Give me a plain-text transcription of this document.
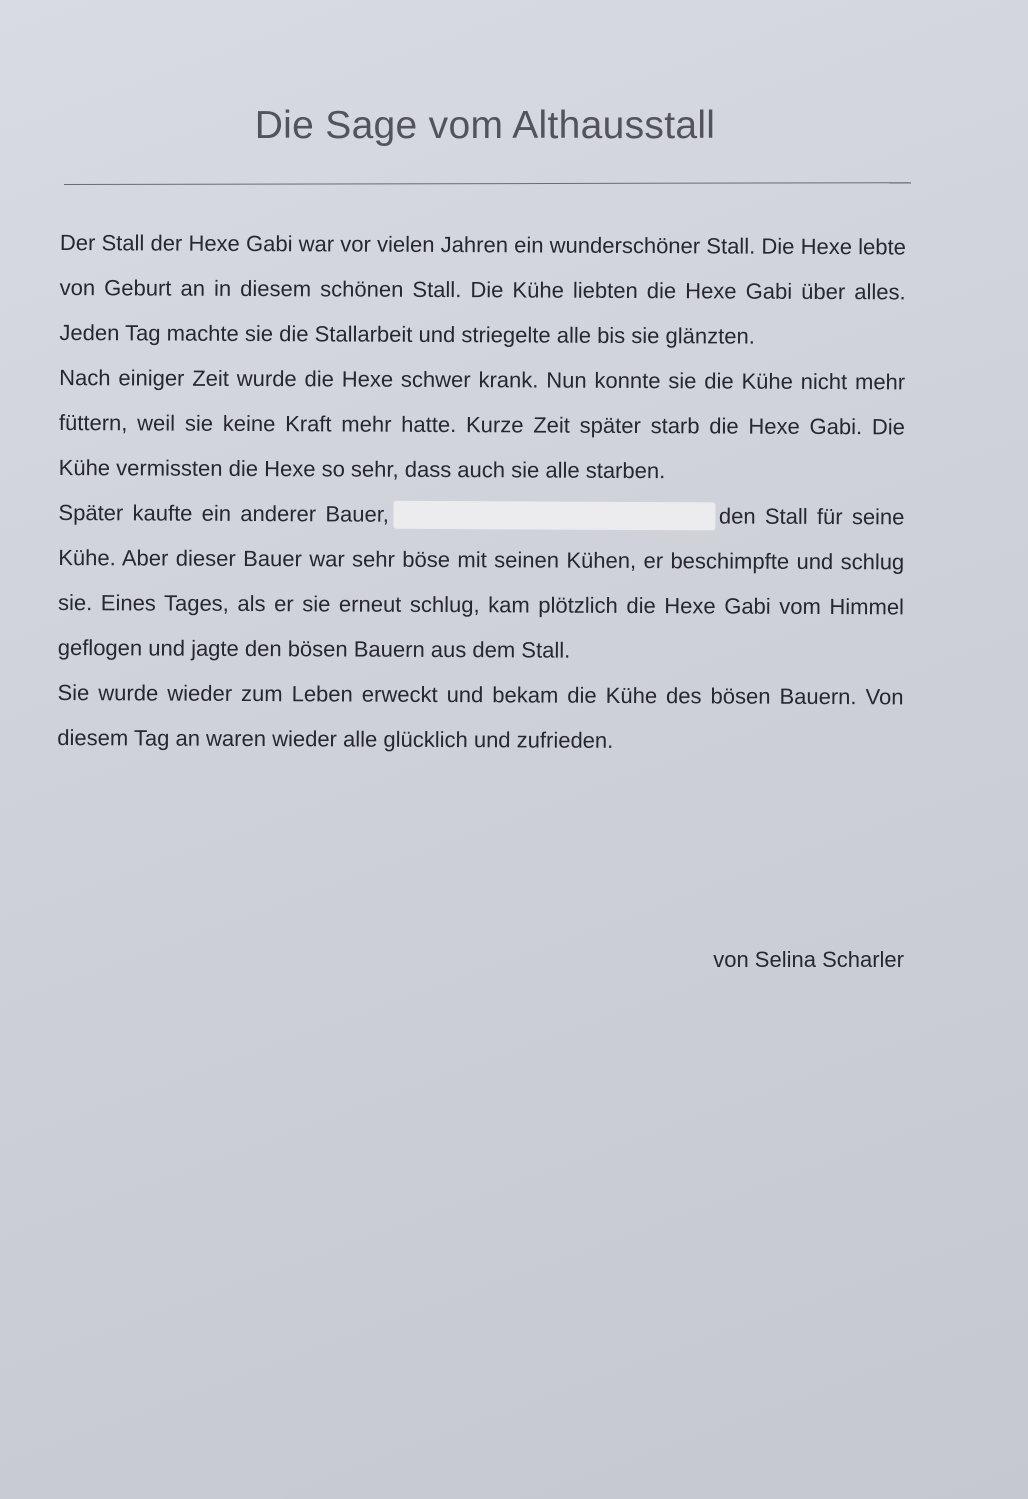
Die Sage vom Althausstall

Der Stall der Hexe Gabi war vor vielen Jahren ein wunderschöner Stall. Die Hexe lebte von Geburt an in diesem schönen Stall. Die Kühe liebten die Hexe Gabi über alles. Jeden Tag machte sie die Stallarbeit und striegelte alle bis sie glänzten.

Nach einiger Zeit wurde die Hexe schwer krank. Nun konnte sie die Kühe nicht mehr füttern, weil sie keine Kraft mehr hatte. Kurze Zeit später starb die Hexe Gabi. Die Kühe vermissten die Hexe so sehr, dass auch sie alle starben.

Später kaufte ein anderer Bauer,	den Stall für seine Kühe. Aber dieser Bauer war sehr böse mit seinen Kühen, er beschimpfte und schlug sie. Eines Tages, als er sie erneut schlug, kam plötzlich die Hexe Gabi vom Himmel geflogen und jagte den bösen Bauern aus dem Stall.

Sie wurde wieder zum Leben erweckt und bekam die Kühe des bösen Bauern. Von diesem Tag an waren wieder alle glücklich und zufrieden.

von Selina Scharler
